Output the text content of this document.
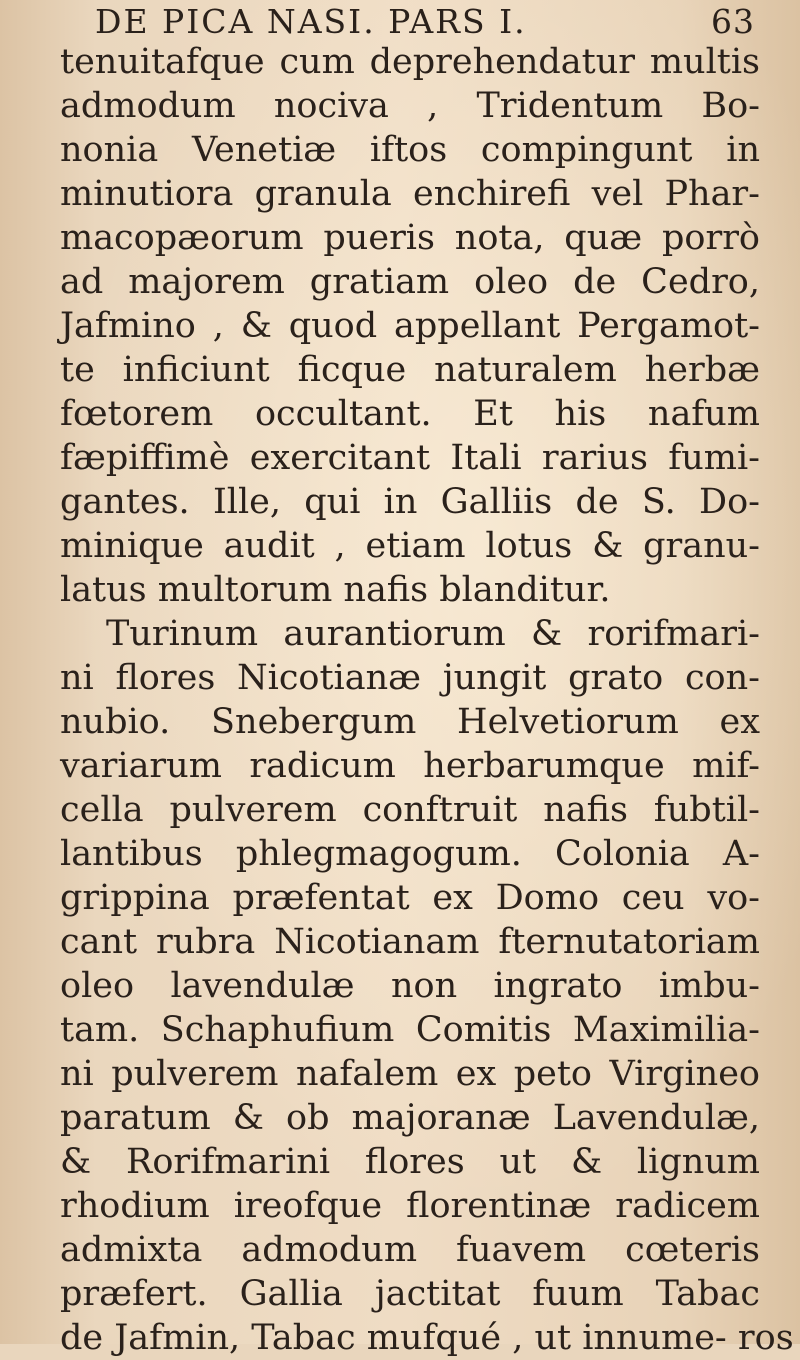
DE PICA NASI. PARS I.	63
tenuitafque cum deprehendatur multis
admodum nociva , Tridentum Bo-
nonia Venetiæ iftos compingunt in
minutiora granula enchirefi vel Phar-
macopæorum pueris nota, quæ porrò
ad majorem gratiam oleo de Cedro,
Jafmino , & quod appellant Pergamot-
te inficiunt ficque naturalem herbæ
fœtorem occultant. Et his nafum
fæpiffimè exercitant Itali rarius fumi-
gantes. Ille, qui in Galliis de S. Do-
minique audit , etiam lotus & granu-
latus multorum nafis blanditur.
Turinum aurantiorum & rorifmari-
ni flores Nicotianæ jungit grato con-
nubio. Snebergum Helvetiorum ex
variarum radicum herbarumque mif-
cella pulverem conftruit nafis fubtil-
lantibus phlegmagogum. Colonia A-
grippina præfentat ex Domo ceu vo-
cant rubra Nicotianam fternutatoriam
oleo lavendulæ non ingrato imbu-
tam. Schaphufium Comitis Maximilia-
ni pulverem nafalem ex peto Virgineo
paratum & ob majoranæ Lavendulæ,
& Rorifmarini flores ut & lignum
rhodium ireofque florentinæ radicem
admixta admodum fuavem cœteris
præfert. Gallia jactitat fuum Tabac
de Jafmin, Tabac mufqué , ut innume- ros
